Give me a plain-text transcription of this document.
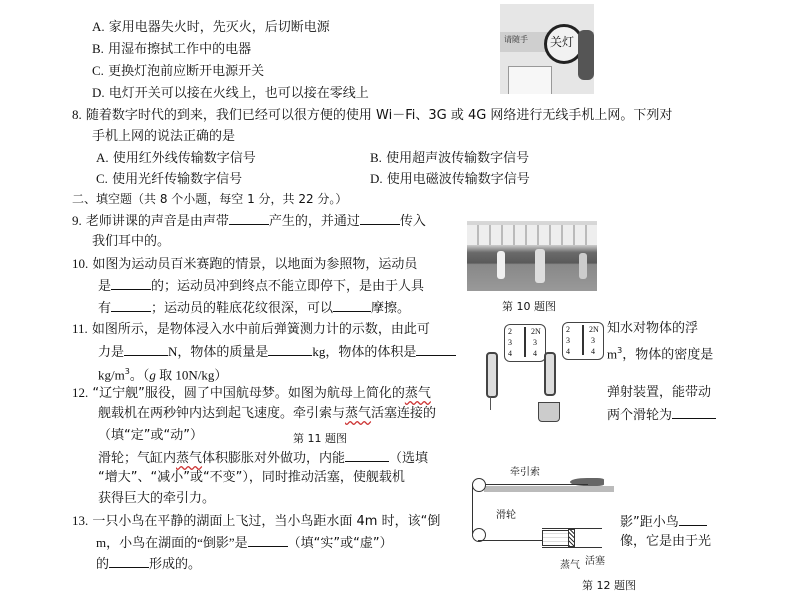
A. 家用电器失火时，先灭火，后切断电源
B. 用湿布擦拭工作中的电器
C. 更换灯泡前应断开电源开关
D. 电灯开关可以接在火线上，也可以接在零线上
请随手 关灯
8. 随着数字时代的到来，我们已经可以很方便的使用 Wi－Fi、3G 或 4G 网络进行无线手机上网。下列对
手机上网的说法正确的是
A. 使用红外线传输数字信号	B. 使用超声波传输数字信号
C. 使用光纤传输数字信号	D. 使用电磁波传输数字信号
二、填空题（共 8 个小题，每空 1 分，共 22 分。）
9. 老师讲课的声音是由声带	产生的，并通过	传入
我们耳中的。
10. 如图为运动员百米赛跑的情景，以地面为参照物，运动员
是	的；运动员冲到终点不能立即停下，是由于人具
有	；运动员的鞋底花纹很深，可以	摩擦。	第 10 题图
11. 如图所示，是物体浸入水中前后弹簧测力计的示数，由此可	知水对物体的浮
力是	N，物体的质量是	kg，物体的体积是	$m^3$，物体的密度是
$kg/m^3$。（g 取 10N/kg）
2
3
4
2N
3
4
2
3
4
2N
3
4
12. “辽宁舰”服役，圆了中国航母梦。如图为航母上简化的蒸气	弹射装置，能带动
舰载机在两秒钟内达到起飞速度。牵引索与蒸气活塞连接的	两个滑轮为
（填“定”或“动”）	第 11 题图
滑轮；气缸内蒸气体积膨胀对外做功，内能	（选填
“增大”、“减小”或“不变”），同时推动活塞，使舰载机
获得巨大的牵引力。
牵引索
滑轮
蒸气 活塞
第 12 题图
13. 一只小鸟在平静的湖面上飞过，当小鸟距水面 4m 时，该“倒	影”距小鸟
m，小鸟在湖面的“倒影”是	（填“实”或“虚”）	像，它是由于光
的	形成的。
